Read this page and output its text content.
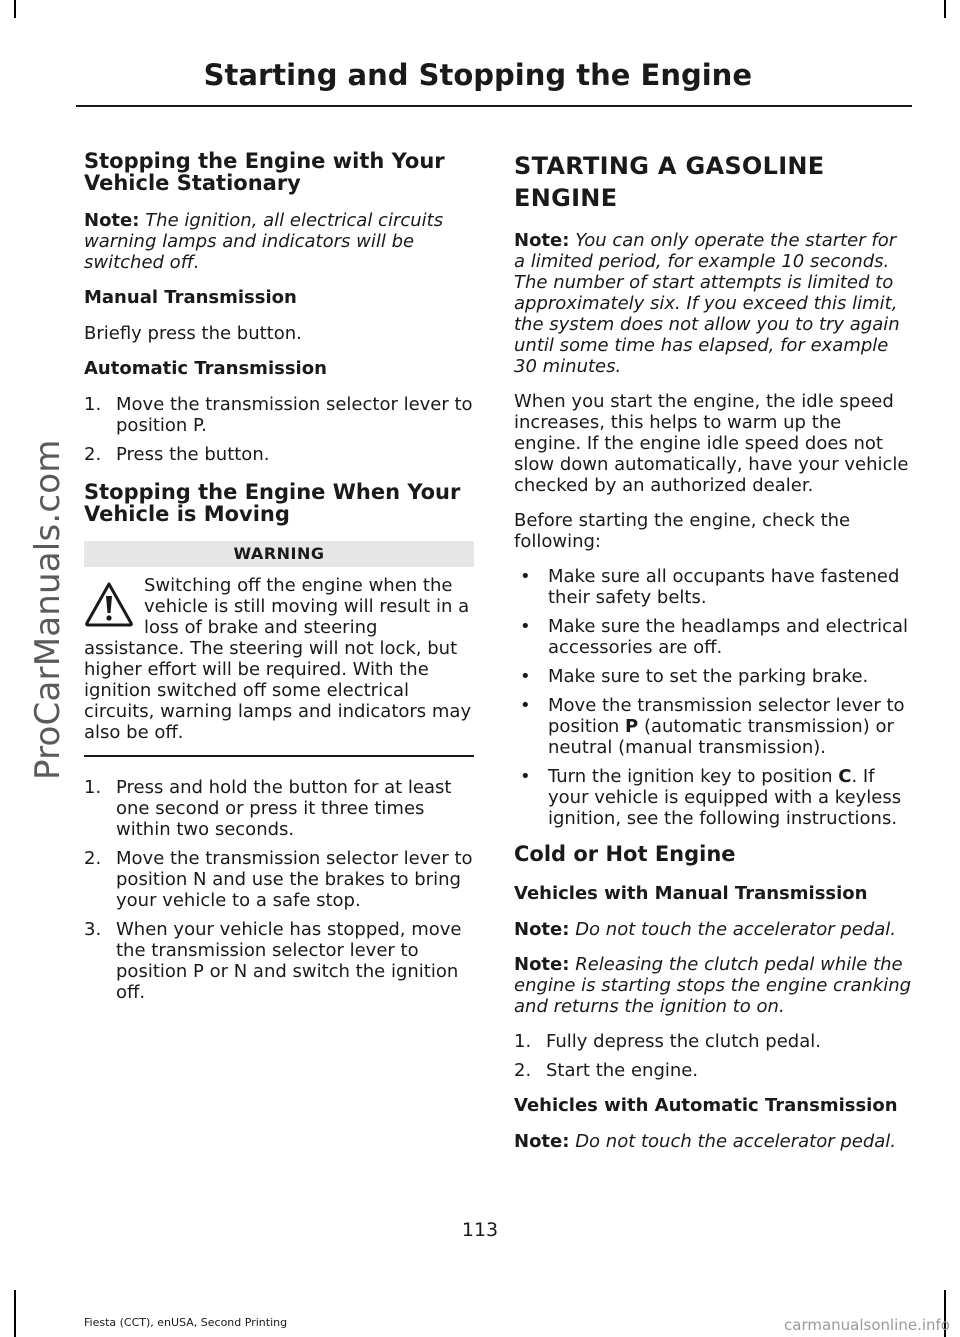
ProCarManuals.com
Starting and Stopping the Engine
Stopping the Engine with Your Vehicle Stationary

Note: The ignition, all electrical circuits warning lamps and indicators will be switched off.

Manual Transmission

Briefly press the button.

Automatic Transmission
1. Move the transmission selector lever to position P.
2. Press the button.
Stopping the Engine When Your Vehicle is Moving
WARNING
Switching off the engine when the vehicle is still moving will result in a loss of brake and steering assistance. The steering will not lock, but higher effort will be required. With the ignition switched off some electrical circuits, warning lamps and indicators may also be off.
1. Press and hold the button for at least one second or press it three times within two seconds.
2. Move the transmission selector lever to position N and use the brakes to bring your vehicle to a safe stop.
3. When your vehicle has stopped, move the transmission selector lever to position P or N and switch the ignition off.
STARTING A GASOLINE
ENGINE

Note: You can only operate the starter for a limited period, for example 10 seconds. The number of start attempts is limited to approximately six. If you exceed this limit, the system does not allow you to try again until some time has elapsed, for example 30 minutes.

When you start the engine, the idle speed increases, this helps to warm up the engine. If the engine idle speed does not slow down automatically, have your vehicle checked by an authorized dealer.

Before starting the engine, check the following:

• Make sure all occupants have fastened their safety belts.
• Make sure the headlamps and electrical accessories are off.
• Make sure to set the parking brake.
• Move the transmission selector lever to position P (automatic transmission) or neutral (manual transmission).
• Turn the ignition key to position C. If your vehicle is equipped with a keyless ignition, see the following instructions.
Cold or Hot Engine
Vehicles with Manual Transmission

Note: Do not touch the accelerator pedal.

Note: Releasing the clutch pedal while the engine is starting stops the engine cranking and returns the ignition to on.

1. Fully depress the clutch pedal.
2. Start the engine.
Vehicles with Automatic Transmission

Note: Do not touch the accelerator pedal.

113
Fiesta (CCT), enUSA, Second Printing	carmanualsonline.info
